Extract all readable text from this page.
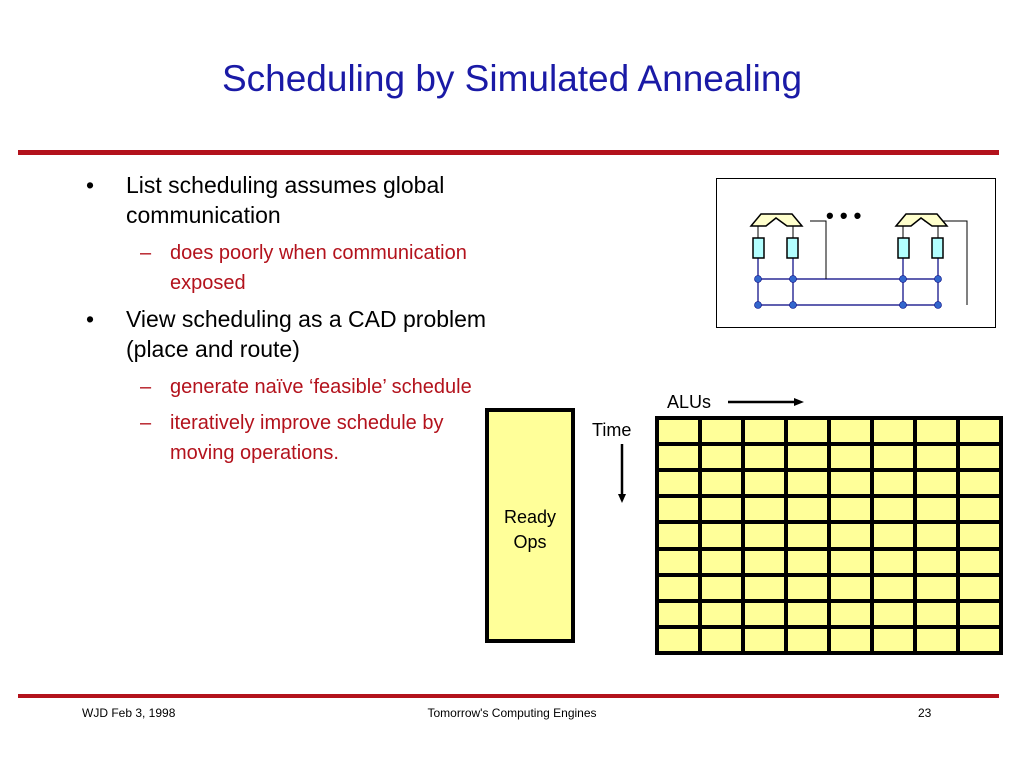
Scheduling by Simulated Annealing
• List scheduling assumes global communication
– does poorly when communication exposed
• View scheduling as a CAD problem (place and route)
– generate naïve ‘feasible’ schedule
– iteratively improve schedule by moving operations.
• • •
Ready
Ops
ALUs
Time
WJD Feb 3, 1998	Tomorrow's Computing Engines	23
